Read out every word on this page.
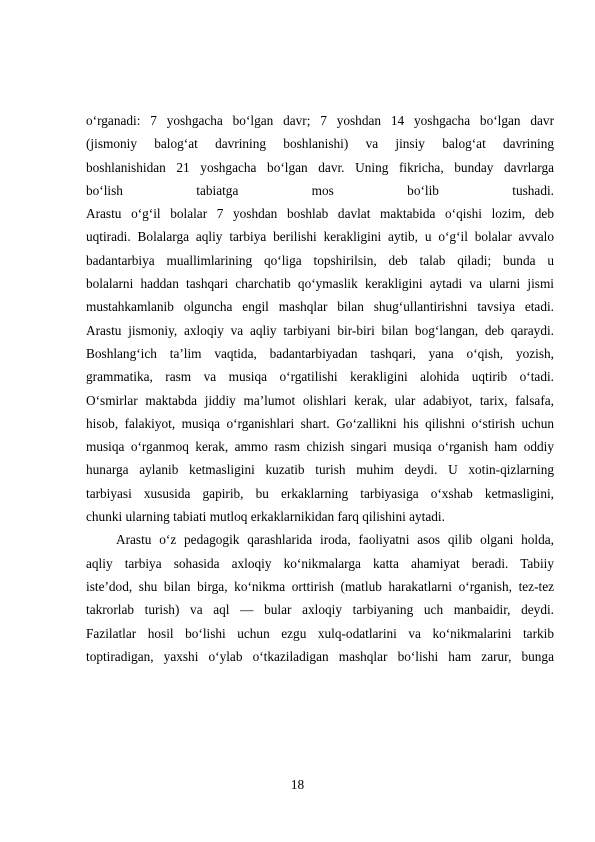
o‘rganadi: 7 yoshgacha bo‘lgan davr; 7 yoshdan 14 yoshgacha bo‘lgan davr
(jismoniy balog‘at davrining boshlanishi) va jinsiy balog‘at davrining
boshlanishidan 21 yoshgacha bo‘lgan davr. Uning fikricha, bunday davrlarga
bo‘lish tabiatga mos bo‘lib tushadi.
Arastu o‘g‘il bolalar 7 yoshdan boshlab davlat maktabida o‘qishi lozim, deb
uqtiradi. Bolalarga aqliy tarbiya berilishi kerakligini aytib, u o‘g‘il bolalar avvalo
badantarbiya muallimlarining qo‘liga topshirilsin, deb talab qiladi; bunda u
bolalarni haddan tashqari charchatib qo‘ymaslik kerakligini aytadi va ularni jismi
mustahkamlanib olguncha engil mashqlar bilan shug‘ullantirishni tavsiya etadi.
Arastu jismoniy, axloqiy va aqliy tarbiyani bir-biri bilan bog‘langan, deb qaraydi.
Boshlang‘ich ta’lim vaqtida, badantarbiyadan tashqari, yana o‘qish, yozish,
grammatika, rasm va musiqa o‘rgatilishi kerakligini alohida uqtirib o‘tadi.
O‘smirlar maktabda jiddiy ma’lumot olishlari kerak, ular adabiyot, tarix, falsafa,
hisob, falakiyot, musiqa o‘rganishlari shart. Go‘zallikni his qilishni o‘stirish uchun
musiqa o‘rganmoq kerak, ammo rasm chizish singari musiqa o‘rganish ham oddiy
hunarga aylanib ketmasligini kuzatib turish muhim deydi. U xotin-qizlarning
tarbiyasi xususida gapirib, bu erkaklarning tarbiyasiga o‘xshab ketmasligini,
chunki ularning tabiati mutloq erkaklarnikidan farq qilishini aytadi.
Arastu o‘z pedagogik qarashlarida iroda, faoliyatni asos qilib olgani holda,
aqliy tarbiya sohasida axloqiy ko‘nikmalarga katta ahamiyat beradi. Tabiiy
iste’dod, shu bilan birga, ko‘nikma orttirish (matlub harakatlarni o‘rganish, tez-tez
takrorlab turish) va aql — bular axloqiy tarbiyaning uch manbaidir, deydi.
Fazilatlar hosil bo‘lishi uchun ezgu xulq-odatlarini va ko‘nikmalarini tarkib
toptiradigan, yaxshi o‘ylab o‘tkaziladigan mashqlar bo‘lishi ham zarur, bunga
18
